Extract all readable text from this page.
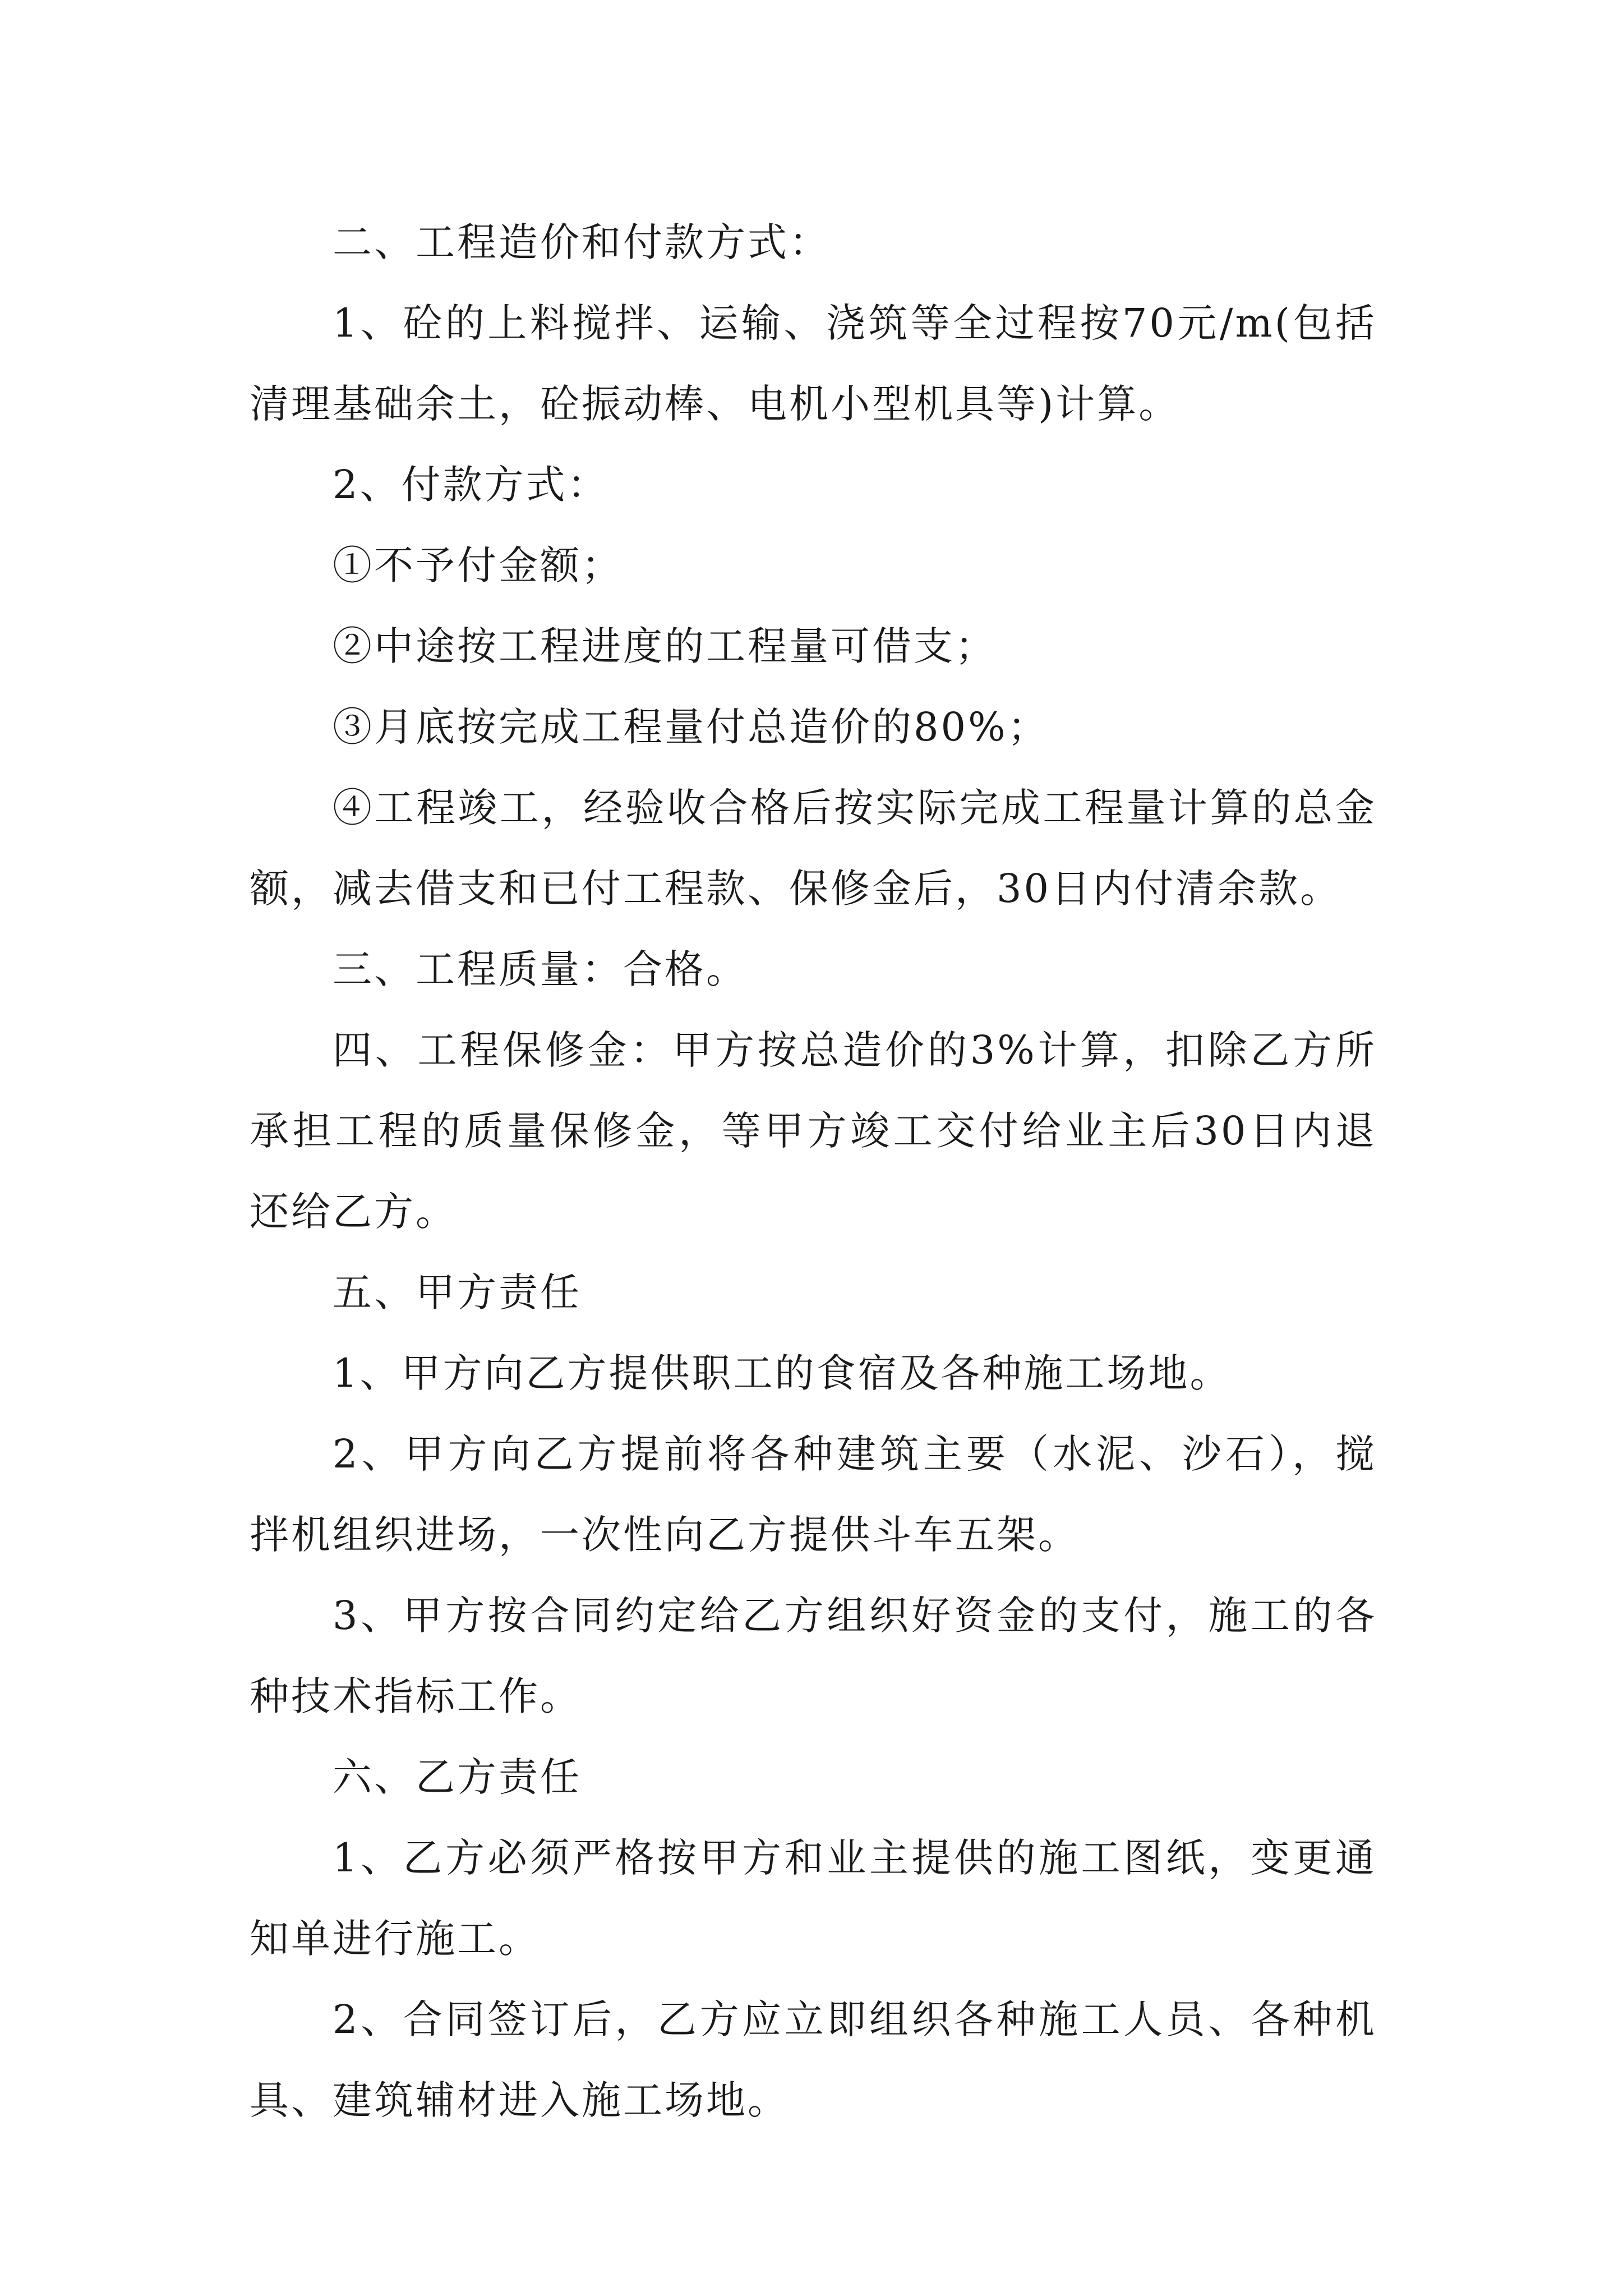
二、工程造价和付款方式：

1、砼的上料搅拌、运输、浇筑等全过程按70元/m(包括清理基础余土，砼振动棒、电机小型机具等)计算。

2、付款方式：

①不予付金额；

②中途按工程进度的工程量可借支；

③月底按完成工程量付总造价的80%；

④工程竣工，经验收合格后按实际完成工程量计算的总金额，减去借支和已付工程款、保修金后，30日内付清余款。

三、工程质量：合格。

四、工程保修金：甲方按总造价的3%计算，扣除乙方所承担工程的质量保修金，等甲方竣工交付给业主后30日内退还给乙方。

五、甲方责任

1、甲方向乙方提供职工的食宿及各种施工场地。

2、甲方向乙方提前将各种建筑主要（水泥、沙石），搅拌机组织进场，一次性向乙方提供斗车五架。

3、甲方按合同约定给乙方组织好资金的支付，施工的各种技术指标工作。

六、乙方责任

1、乙方必须严格按甲方和业主提供的施工图纸，变更通知单进行施工。

2、合同签订后，乙方应立即组织各种施工人员、各种机具、建筑辅材进入施工场地。
